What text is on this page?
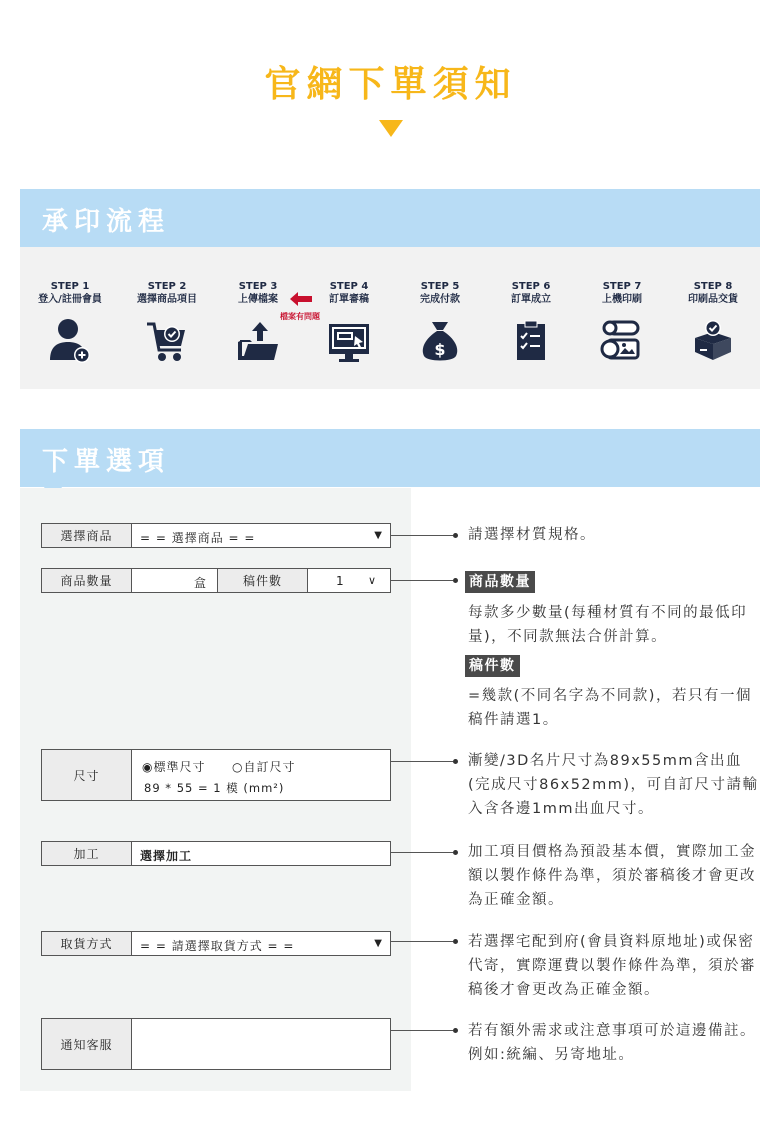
官網下單須知
承印流程
STEP 1
登入/註冊會員
STEP 2
選擇商品項目
STEP 3
上傳檔案
STEP 4
訂單審稿
STEP 5
完成付款
$
STEP 6
訂單成立
STEP 7
上機印刷
STEP 8
印刷品交貨
檔案有問題
下單選項
選擇商品	= = 選擇商品 = =	▼
商品數量	盒	稿件數	1 ∨
尺寸
◉標準尺寸 ○自訂尺寸
89 * 55 = 1 模 (mm²)
加工	選擇加工
取貨方式	= = 請選擇取貨方式 = =	▼
通知客服
請選擇材質規格。
商品數量
每款多少數量(每種材質有不同的最低印量)，不同款無法合併計算。
稿件數
=幾款(不同名字為不同款)，若只有一個稿件請選1。
漸變/3D名片尺寸為89x55mm含出血(完成尺寸86x52mm)，可自訂尺寸請輸入含各邊1mm出血尺寸。
加工項目價格為預設基本價，實際加工金額以製作條件為準，須於審稿後才會更改為正確金額。
若選擇宅配到府(會員資料原地址)或保密代寄，實際運費以製作條件為準，須於審稿後才會更改為正確金額。
若有額外需求或注意事項可於這邊備註。例如:統編、另寄地址。
